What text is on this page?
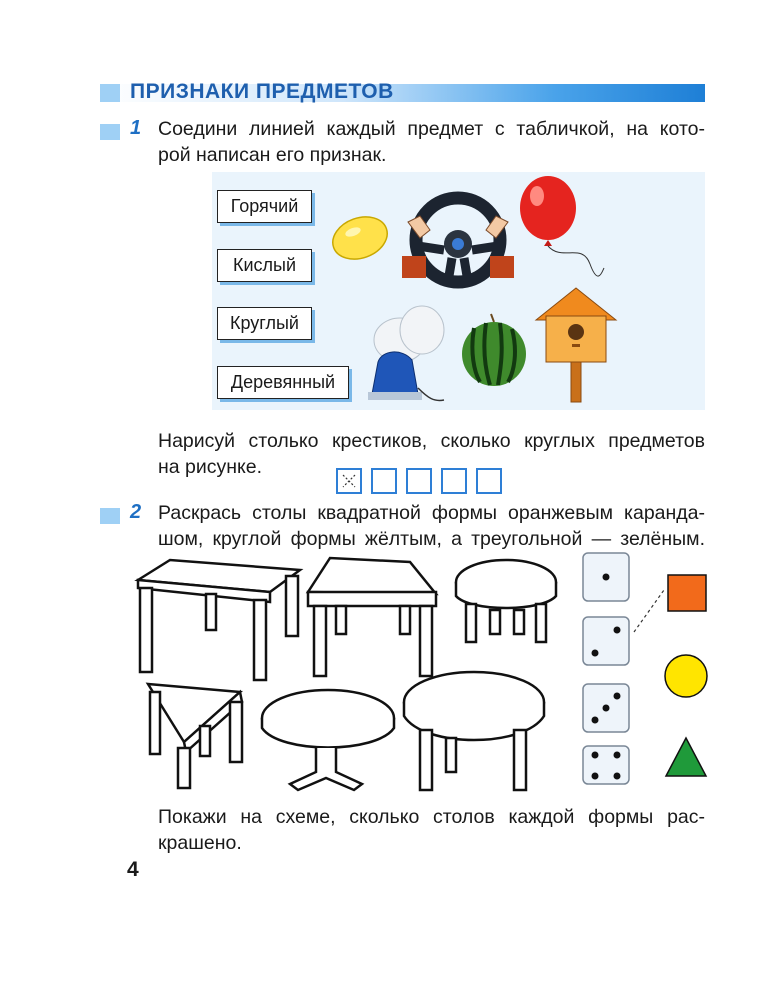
ПРИЗНАКИ ПРЕДМЕТОВ
1 Соедини линией каждый предмет с табличкой, на кото-
рой написан его признак.
Горячий
Кислый
Круглый
Деревянный
Нарисуй столько крестиков, сколько круглых предметов
на рисунке.
2 Раскрась столы квадратной формы оранжевым каранда-
шом, круглой формы жёлтым, а треугольной — зелёным.
Покажи на схеме, сколько столов каждой формы рас-
крашено.
4
